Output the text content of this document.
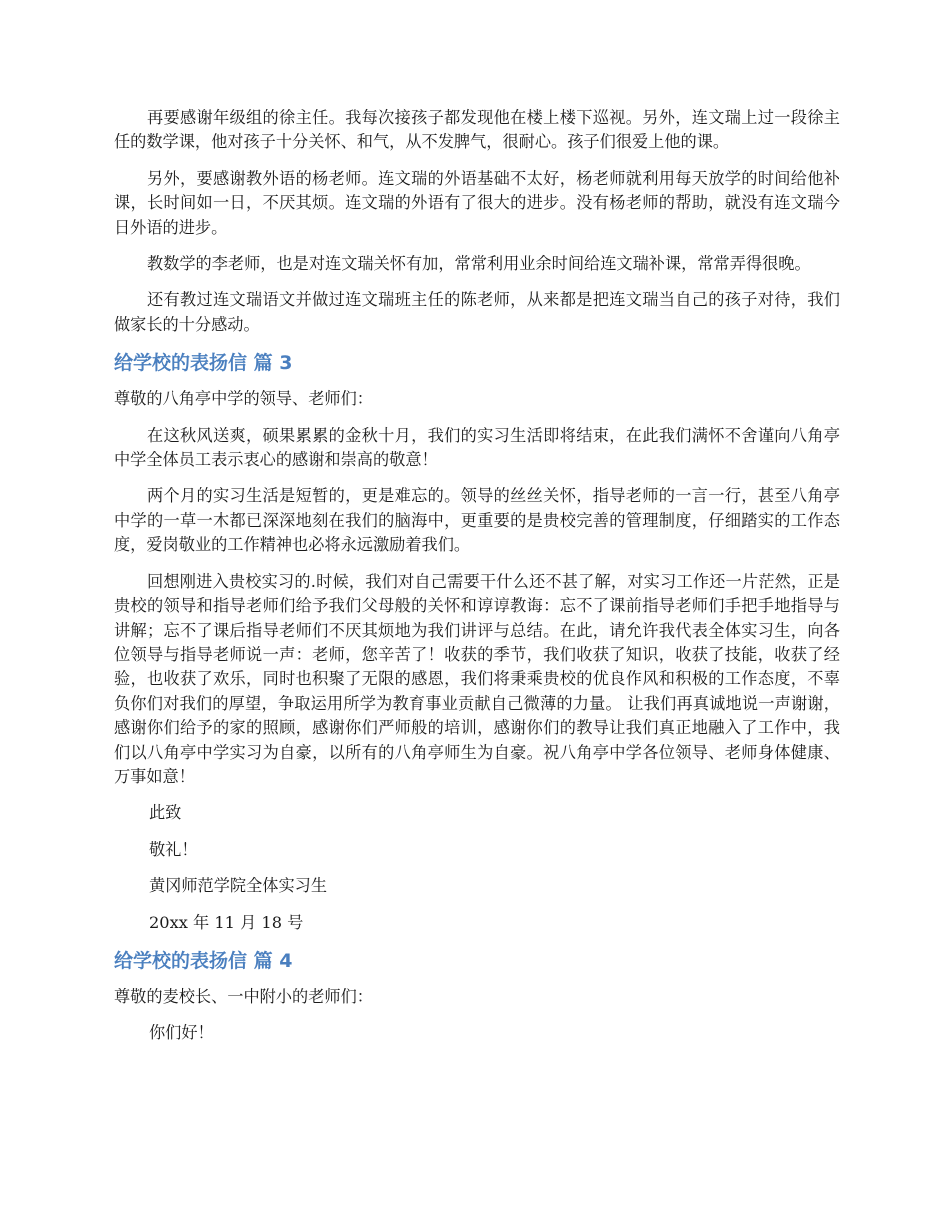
再要感谢年级组的徐主任。我每次接孩子都发现他在楼上楼下巡视。另外，连文瑞上过一段徐主任的数学课，他对孩子十分关怀、和气，从不发脾气，很耐心。孩子们很爱上他的课。

另外，要感谢教外语的杨老师。连文瑞的外语基础不太好，杨老师就利用每天放学的时间给他补课，长时间如一日，不厌其烦。连文瑞的外语有了很大的进步。没有杨老师的帮助，就没有连文瑞今日外语的进步。

教数学的李老师，也是对连文瑞关怀有加，常常利用业余时间给连文瑞补课，常常弄得很晚。

还有教过连文瑞语文并做过连文瑞班主任的陈老师，从来都是把连文瑞当自己的孩子对待，我们做家长的十分感动。

给学校的表扬信 篇 3

尊敬的八角亭中学的领导、老师们：

在这秋风送爽，硕果累累的金秋十月，我们的实习生活即将结束，在此我们满怀不舍谨向八角亭中学全体员工表示衷心的感谢和崇高的敬意！

两个月的实习生活是短暂的，更是难忘的。领导的丝丝关怀，指导老师的一言一行，甚至八角亭中学的一草一木都已深深地刻在我们的脑海中，更重要的是贵校完善的管理制度，仔细踏实的工作态度，爱岗敬业的工作精神也必将永远激励着我们。

回想刚进入贵校实习的.时候，我们对自己需要干什么还不甚了解，对实习工作还一片茫然，正是贵校的领导和指导老师们给予我们父母般的关怀和谆谆教诲：忘不了课前指导老师们手把手地指导与讲解；忘不了课后指导老师们不厌其烦地为我们讲评与总结。在此，请允许我代表全体实习生，向各位领导与指导老师说一声：老师，您辛苦了！收获的季节，我们收获了知识，收获了技能，收获了经验，也收获了欢乐，同时也积聚了无限的感恩，我们将秉乘贵校的优良作风和积极的工作态度，不辜负你们对我们的厚望，争取运用所学为教育事业贡献自己微薄的力量。 让我们再真诚地说一声谢谢，感谢你们给予的家的照顾，感谢你们严师般的培训，感谢你们的教导让我们真正地融入了工作中，我们以八角亭中学实习为自豪，以所有的八角亭师生为自豪。祝八角亭中学各位领导、老师身体健康、万事如意！

此致
敬礼！
黄冈师范学院全体实习生
20xx 年 11 月 18 号
给学校的表扬信 篇 4

尊敬的麦校长、一中附小的老师们：

你们好！
